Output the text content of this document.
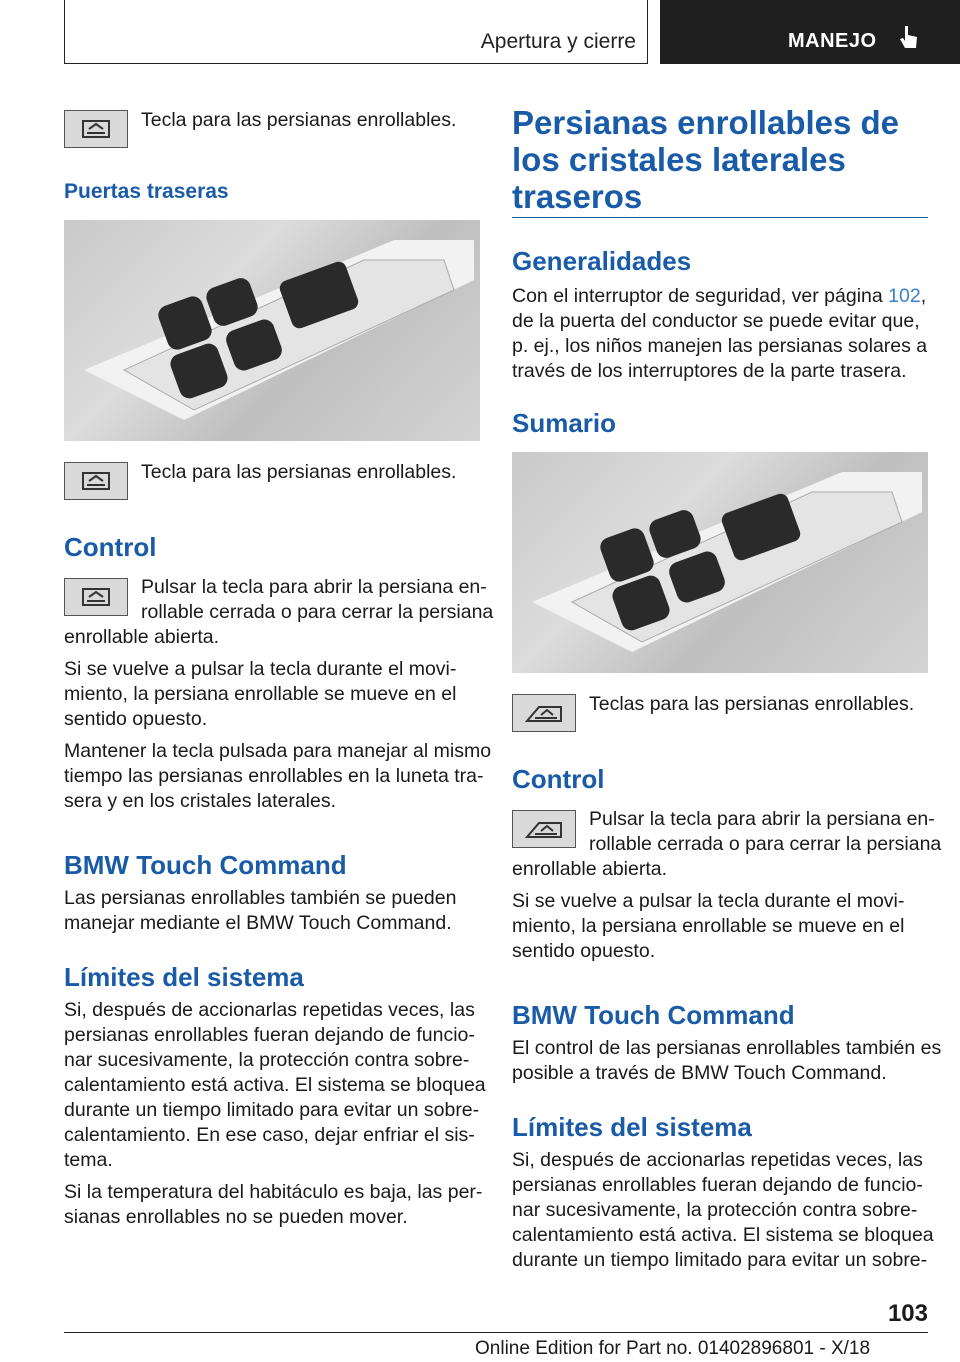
Apertura y cierre	MANEJO
Tecla para las persianas enrollables.
Puertas traseras
Tecla para las persianas enrollables.
Control
Pulsar la tecla para abrir la persiana en-
rollable cerrada o para cerrar la persiana
enrollable abierta.
Si se vuelve a pulsar la tecla durante el movi-
miento, la persiana enrollable se mueve en el
sentido opuesto.
Mantener la tecla pulsada para manejar al mismo
tiempo las persianas enrollables en la luneta tra-
sera y en los cristales laterales.
BMW Touch Command
Las persianas enrollables también se pueden
manejar mediante el BMW Touch Command.
Límites del sistema
Si, después de accionarlas repetidas veces, las
persianas enrollables fueran dejando de funcio-
nar sucesivamente, la protección contra sobre-
calentamiento está activa. El sistema se bloquea
durante un tiempo limitado para evitar un sobre-
calentamiento. En ese caso, dejar enfriar el sis-
tema.
Si la temperatura del habitáculo es baja, las per-
sianas enrollables no se pueden mover.
Persianas enrollables de
los cristales laterales
traseros
Generalidades
Con el interruptor de seguridad, ver página 102,
de la puerta del conductor se puede evitar que,
p. ej., los niños manejen las persianas solares a
través de los interruptores de la parte trasera.
Sumario
Teclas para las persianas enrollables.
Control
Pulsar la tecla para abrir la persiana en-
rollable cerrada o para cerrar la persiana
enrollable abierta.
Si se vuelve a pulsar la tecla durante el movi-
miento, la persiana enrollable se mueve en el
sentido opuesto.
BMW Touch Command
El control de las persianas enrollables también es
posible a través de BMW Touch Command.
Límites del sistema
Si, después de accionarlas repetidas veces, las
persianas enrollables fueran dejando de funcio-
nar sucesivamente, la protección contra sobre-
calentamiento está activa. El sistema se bloquea
durante un tiempo limitado para evitar un sobre-
103
Online Edition for Part no. 01402896801 - X/18
